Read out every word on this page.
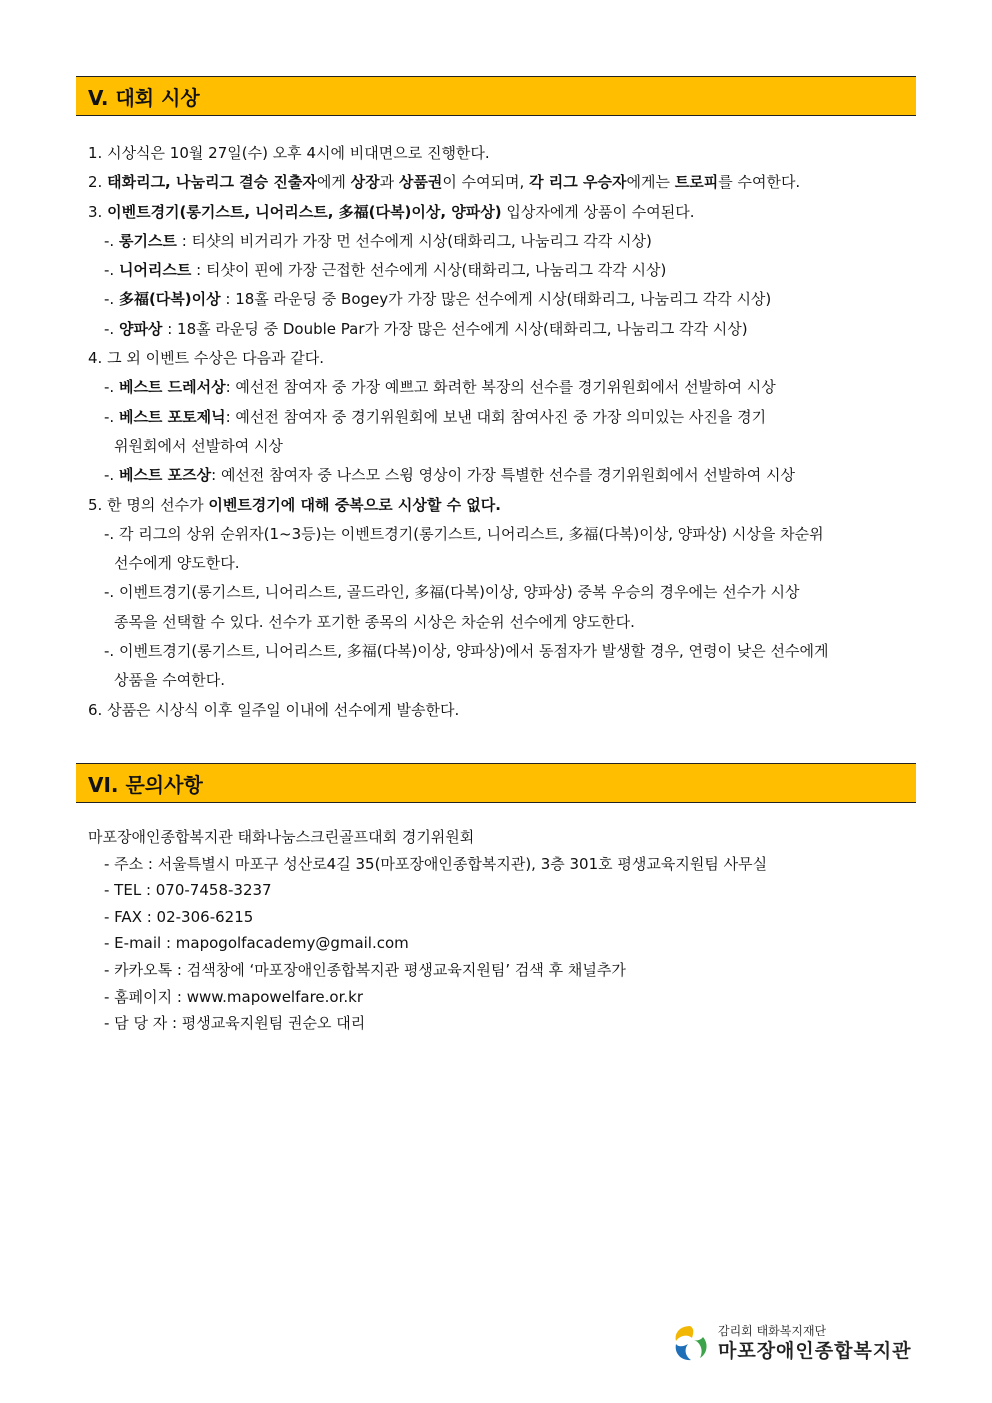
V. 대회 시상
1. 시상식은 10월 27일(수) 오후 4시에 비대면으로 진행한다.
2. 태화리그, 나눔리그 결승 진출자에게 상장과 상품권이 수여되며, 각 리그 우승자에게는 트로피를 수여한다.
3. 이벤트경기(롱기스트, 니어리스트, 多福(다복)이상, 양파상) 입상자에게 상품이 수여된다.
-. 롱기스트 : 티샷의 비거리가 가장 먼 선수에게 시상(태화리그, 나눔리그 각각 시상)
-. 니어리스트 : 티샷이 핀에 가장 근접한 선수에게 시상(태화리그, 나눔리그 각각 시상)
-. 多福(다복)이상 : 18홀 라운딩 중 Bogey가 가장 많은 선수에게 시상(태화리그, 나눔리그 각각 시상)
-. 양파상 : 18홀 라운딩 중 Double Par가 가장 많은 선수에게 시상(태화리그, 나눔리그 각각 시상)
4. 그 외 이벤트 수상은 다음과 같다.
-. 베스트 드레서상: 예선전 참여자 중 가장 예쁘고 화려한 복장의 선수를 경기위원회에서 선발하여 시상
-. 베스트 포토제닉: 예선전 참여자 중 경기위원회에 보낸 대회 참여사진 중 가장 의미있는 사진을 경기
위원회에서 선발하여 시상
-. 베스트 포즈상: 예선전 참여자 중 나스모 스윙 영상이 가장 특별한 선수를 경기위원회에서 선발하여 시상
5. 한 명의 선수가 이벤트경기에 대해 중복으로 시상할 수 없다.
-. 각 리그의 상위 순위자(1~3등)는 이벤트경기(롱기스트, 니어리스트, 多福(다복)이상, 양파상) 시상을 차순위
선수에게 양도한다.
-. 이벤트경기(롱기스트, 니어리스트, 골드라인, 多福(다복)이상, 양파상) 중복 우승의 경우에는 선수가 시상
종목을 선택할 수 있다. 선수가 포기한 종목의 시상은 차순위 선수에게 양도한다.
-. 이벤트경기(롱기스트, 니어리스트, 多福(다복)이상, 양파상)에서 동점자가 발생할 경우, 연령이 낮은 선수에게
상품을 수여한다.
6. 상품은 시상식 이후 일주일 이내에 선수에게 발송한다.
VI. 문의사항
마포장애인종합복지관 태화나눔스크린골프대회 경기위원회
- 주소 : 서울특별시 마포구 성산로4길 35(마포장애인종합복지관), 3층 301호 평생교육지원팀 사무실
- TEL : 070-7458-3237
- FAX : 02-306-6215
- E-mail : mapogolfacademy@gmail.com
- 카카오톡 : 검색창에 ‘마포장애인종합복지관 평생교육지원팀’ 검색 후 채널추가
- 홈페이지 : www.mapowelfare.or.kr
- 담 당 자 : 평생교육지원팀 권순오 대리
감리회 태화복지재단
마포장애인종합복지관
